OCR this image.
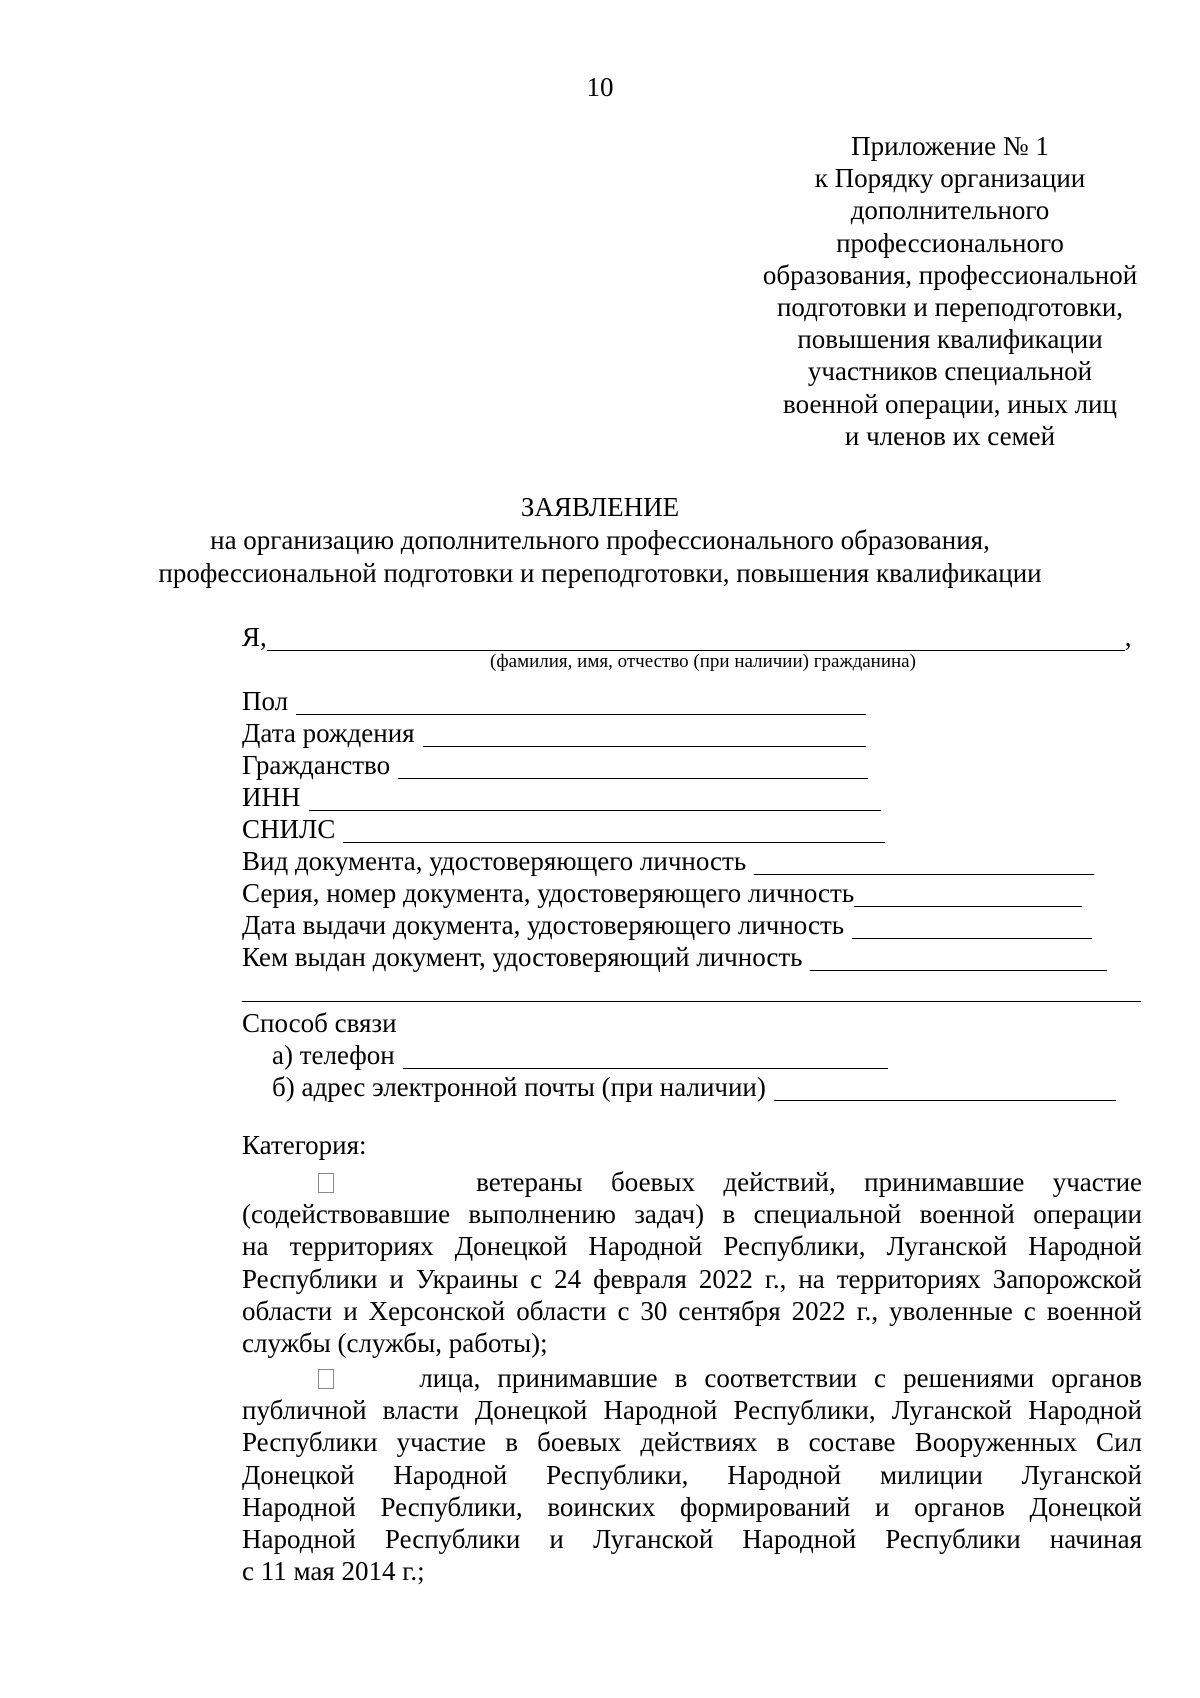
10
Приложение № 1
к Порядку организации
дополнительного
профессионального
образования, профессиональной
подготовки и переподготовки,
повышения квалификации
участников специальной
военной операции, иных лиц
и членов их семей
ЗАЯВЛЕНИЕ
на организацию дополнительного профессионального образования,
профессиональной подготовки и переподготовки, повышения квалификации
Я,	,
(фамилия, имя, отчество (при наличии) гражданина)
Пол
Дата рождения
Гражданство
ИНН
СНИЛС
Вид документа, удостоверяющего личность
Серия, номер документа, удостоверяющего личность
Дата выдачи документа, удостоверяющего личность
Кем выдан документ, удостоверяющий личность
Способ связи
а) телефон
б) адрес электронной почты (при наличии)
Категория:
ветераны боевых действий, принимавшие участие
(содействовавшие выполнению задач) в специальной военной операции
на территориях Донецкой Народной Республики, Луганской Народной
Республики и Украины с 24 февраля 2022 г., на территориях Запорожской
области и Херсонской области с 30 сентября 2022 г., уволенные с военной
службы (службы, работы);
лица, принимавшие в соответствии с решениями органов
публичной власти Донецкой Народной Республики, Луганской Народной
Республики участие в боевых действиях в составе Вооруженных Сил
Донецкой Народной Республики, Народной милиции Луганской
Народной Республики, воинских формирований и органов Донецкой
Народной Республики и Луганской Народной Республики начиная
с 11 мая 2014 г.;
